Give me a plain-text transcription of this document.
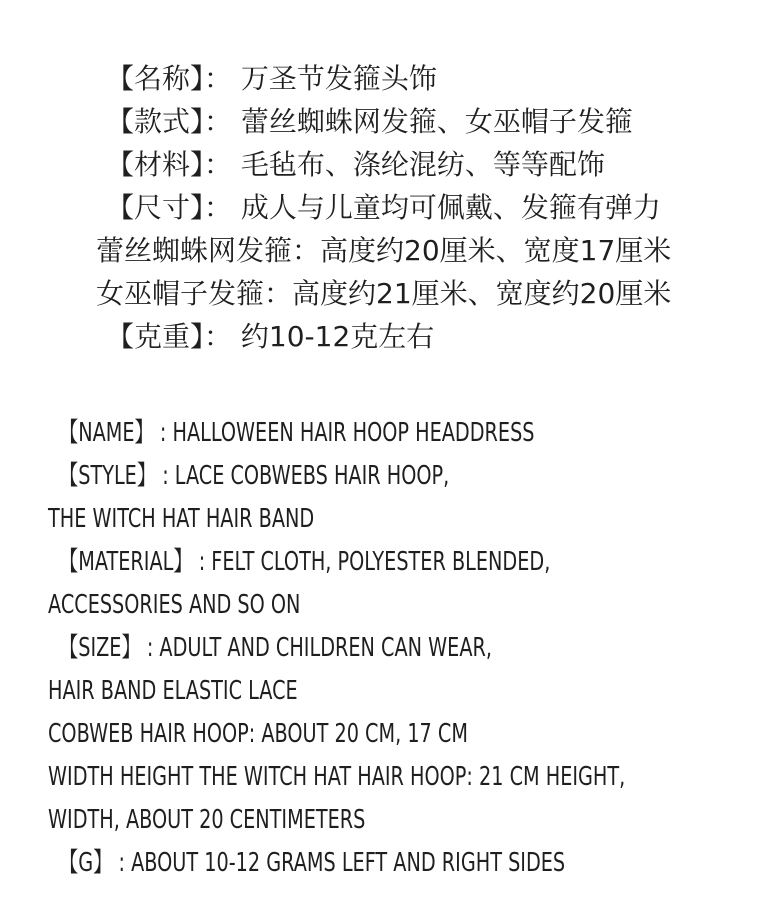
【名称】： 万圣节发箍头饰
【款式】： 蕾丝蜘蛛网发箍、女巫帽子发箍
【材料】： 毛毡布、涤纶混纺、等等配饰
【尺寸】： 成人与儿童均可佩戴、发箍有弹力
蕾丝蜘蛛网发箍：高度约20厘米、宽度17厘米
女巫帽子发箍：高度约21厘米、宽度约20厘米
【克重】： 约10-12克左右
【NAME】 : HALLOWEEN HAIR HOOP HEADDRESS
【STYLE】 : LACE COBWEBS HAIR HOOP,
THE WITCH HAT HAIR BAND
【MATERIAL】 : FELT CLOTH, POLYESTER BLENDED,
ACCESSORIES AND SO ON
【SIZE】 : ADULT AND CHILDREN CAN WEAR,
HAIR BAND ELASTIC LACE
COBWEB HAIR HOOP: ABOUT 20 CM, 17 CM
WIDTH HEIGHT THE WITCH HAT HAIR HOOP: 21 CM HEIGHT,
WIDTH, ABOUT 20 CENTIMETERS
【G】 : ABOUT 10-12 GRAMS LEFT AND RIGHT SIDES
